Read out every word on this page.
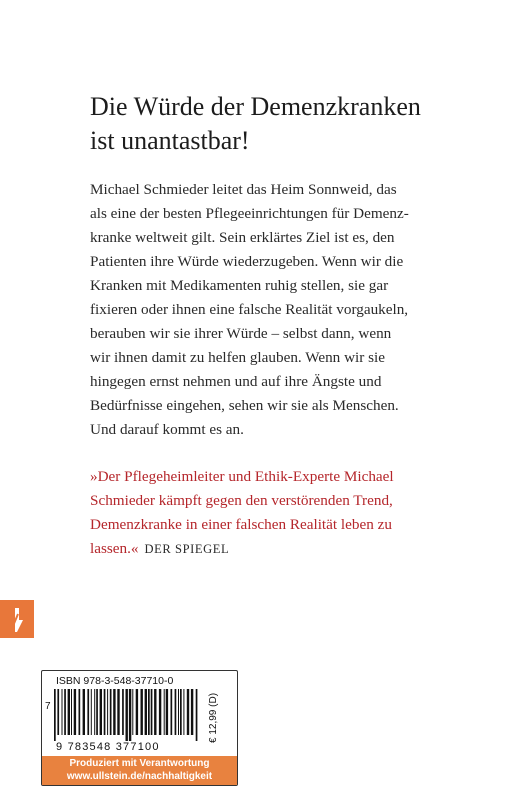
Die Würde der Demenzkranken
ist unantastbar!
Michael Schmieder leitet das Heim Sonnweid, das
als eine der besten Pflegeeinrichtungen für Demenz-
kranke weltweit gilt. Sein erklärtes Ziel ist es, den
Patienten ihre Würde wiederzugeben. Wenn wir die
Kranken mit Medikamenten ruhig stellen, sie gar
fixieren oder ihnen eine falsche Realität vorgaukeln,
berauben wir sie ihrer Würde – selbst dann, wenn
wir ihnen damit zu helfen glauben. Wenn wir sie
hingegen ernst nehmen und auf ihre Ängste und
Bedürfnisse eingehen, sehen wir sie als Menschen.
Und darauf kommt es an.
»Der Pflegeheimleiter und Ethik-Experte Michael
Schmieder kämpft gegen den verstörenden Trend,
Demenzkranke in einer falschen Realität leben zu
lassen.« DER SPIEGEL
ISBN 978-3-548-37710-0
7
9 783548 377100
€ 12,99 (D)
Produziert mit Verantwortung
www.ullstein.de/nachhaltigkeit
